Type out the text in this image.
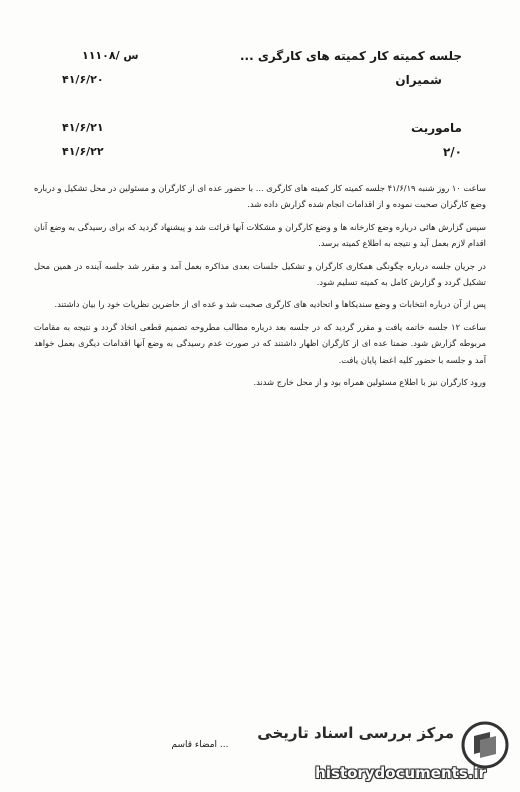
جلسه کمیته کار کمیته های کارگری ...
شمیران
ماموریت
۲/۰
۱۱۱۰۸/ س
۴۱/۶/۲۰
۴۱/۶/۲۱
۴۱/۶/۲۲

ساعت ۱۰ روز شنبه ۴۱/۶/۱۹ جلسه کمیته کار کمیته های کارگری ... با حضور عده ای از کارگران و مسئولین در محل تشکیل و درباره وضع کارگران صحبت نموده و از اقدامات انجام شده گزارش داده شد.

سپس گزارش هائی درباره وضع کارخانه ها و وضع کارگران و مشکلات آنها قرائت شد و پیشنهاد گردید که برای رسیدگی به وضع آنان اقدام لازم بعمل آید و نتیجه به اطلاع کمیته برسد.

در جریان جلسه درباره چگونگی همکاری کارگران و تشکیل جلسات بعدی مذاکره بعمل آمد و مقرر شد جلسه آینده در همین محل تشکیل گردد و گزارش کامل به کمیته تسلیم شود.

پس از آن درباره انتخابات و وضع سندیکاها و اتحادیه های کارگری صحبت شد و عده ای از حاضرین نظریات خود را بیان داشتند.

ساعت ۱۲ جلسه خاتمه یافت و مقرر گردید که در جلسه بعد درباره مطالب مطروحه تصمیم قطعی اتخاذ گردد و نتیجه به مقامات مربوطه گزارش شود. ضمنا عده ای از کارگران اظهار داشتند که در صورت عدم رسیدگی به وضع آنها اقدامات دیگری بعمل خواهد آمد و جلسه با حضور کلیه اعضا پایان یافت.

ورود کارگران نیز با اطلاع مسئولین همراه بود و از محل خارج شدند.

مرکز بررسی اسناد تاریخی
historydocuments.ir
امضاء قاسم ...
